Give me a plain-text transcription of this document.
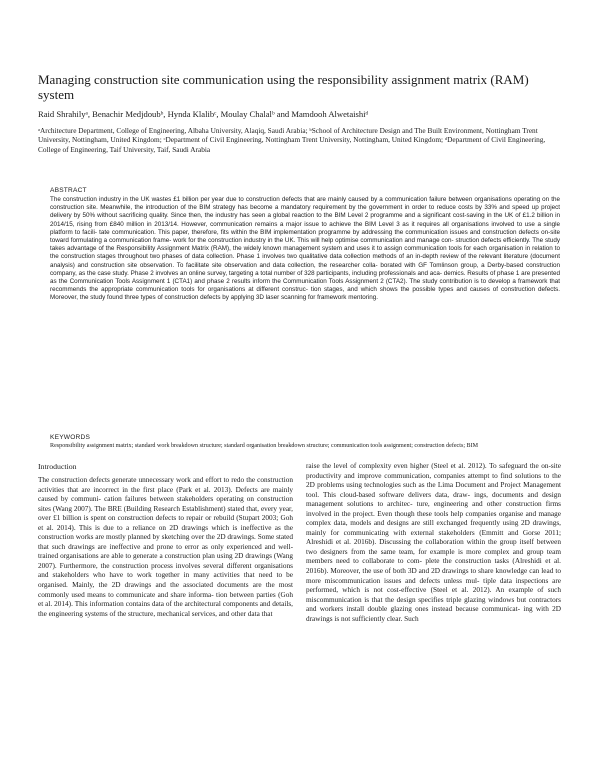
Managing construction site communication using the responsibility assignment matrix (RAM) system
Raid Shrahilyᵃ, Benachir Medjdoubᵇ, Hynda Klalibᶜ, Moulay Chalalᵇ and Mamdooh Alwetaishiᵈ
ᵃArchitecture Department, College of Engineering, Albaha University, Alaqiq, Saudi Arabia; ᵇSchool of Architecture Design and The Built Environment, Nottingham Trent University, Nottingham, United Kingdom; ᶜDepartment of Civil Engineering, Nottingham Trent University, Nottingham, United Kingdom; ᵈDepartment of Civil Engineering, College of Engineering, Taif University, Taif, Saudi Arabia
ABSTRACT
The construction industry in the UK wastes £1 billion per year due to construction defects that are mainly caused by a communication failure between organisations operating on the construction site. Meanwhile, the introduction of the BIM strategy has become a mandatory requirement by the government in order to reduce costs by 33% and speed up project delivery by 50% without sacrificing quality. Since then, the industry has seen a global reaction to the BIM Level 2 programme and a significant cost-saving in the UK of £1.2 billion in 2014/15, rising from £840 million in 2013/14. However, communication remains a major issue to achieve the BIM Level 3 as it requires all organisations involved to use a single platform to facili- tate communication. This paper, therefore, fits within the BIM implementation programme by addressing the communication issues and construction defects on-site toward formulating a communication frame- work for the construction industry in the UK. This will help optimise communication and manage con- struction defects efficiently. The study takes advantage of the Responsibility Assignment Matrix (RAM), the widely known management system and uses it to assign communication tools for each organisation in relation to the construction stages throughout two phases of data collection. Phase 1 involves two qualitative data collection methods of an in-depth review of the relevant literature (document analysis) and construction site observation. To facilitate site observation and data collection, the researcher colla- borated with GF Tomlinson group, a Derby-based construction company, as the case study. Phase 2 involves an online survey, targeting a total number of 328 participants, including professionals and aca- demics. Results of phase 1 are presented as the Communication Tools Assignment 1 (CTA1) and phase 2 results inform the Communication Tools Assignment 2 (CTA2). The study contribution is to develop a framework that recommends the appropriate communication tools for organisations at different construc- tion stages, and which shows the possible types and causes of construction defects. Moreover, the study found three types of construction defects by applying 3D laser scanning for framework mentoring.
KEYWORDS
Responsibility assignment matrix; standard work breakdown structure; standard organisation breakdown structure; communication tools assignment; construction defects; BIM
Introduction

The construction defects generate unnecessary work and effort to redo the construction activities that are incorrect in the first place (Park et al. 2013). Defects are mainly caused by communi- cation failures between stakeholders operating on construction sites (Wang 2007). The BRE (Building Research Establishment) stated that, every year, over £1 billion is spent on construction defects to repair or rebuild (Stupart 2003; Goh et al. 2014). This is due to a reliance on 2D drawings which is ineffective as the construction works are mostly planned by sketching over the 2D drawings. Some stated that such drawings are ineffective and prone to error as only experienced and well-trained organisations are able to generate a construction plan using 2D drawings (Wang 2007). Furthermore, the construction process involves several different organisations and stakeholders who have to work together in many activities that need to be organised. Mainly, the 2D drawings and the associated documents are the most commonly used means to communicate and share informa- tion between parties (Goh et al. 2014). This information contains data of the architectural components and details, the engineering systems of the structure, mechanical services, and other data that

raise the level of complexity even higher (Steel et al. 2012). To safeguard the on-site productivity and improve communication, companies attempt to find solutions to the 2D problems using technologies such as the Lima Document and Project Management tool. This cloud-based software delivers data, draw- ings, documents and design management solutions to architec- ture, engineering and other construction firms involved in the project. Even though these tools help companies organise and manage complex data, models and designs are still exchanged frequently using 2D drawings, mainly for communicating with external stakeholders (Emmitt and Gorse 2011; Alreshidi et al. 2016b). Discussing the collaboration within the group itself between two designers from the same team, for example is more complex and group team members need to collaborate to com- plete the construction tasks (Alreshidi et al. 2016b). Moreover, the use of both 3D and 2D drawings to share knowledge can lead to more miscommunication issues and defects unless mul- tiple data inspections are performed, which is not cost-effective (Steel et al. 2012). An example of such miscommunication is that the design specifies triple glazing windows but contractors and workers install double glazing ones instead because communicat- ing with 2D drawings is not sufficiently clear. Such
